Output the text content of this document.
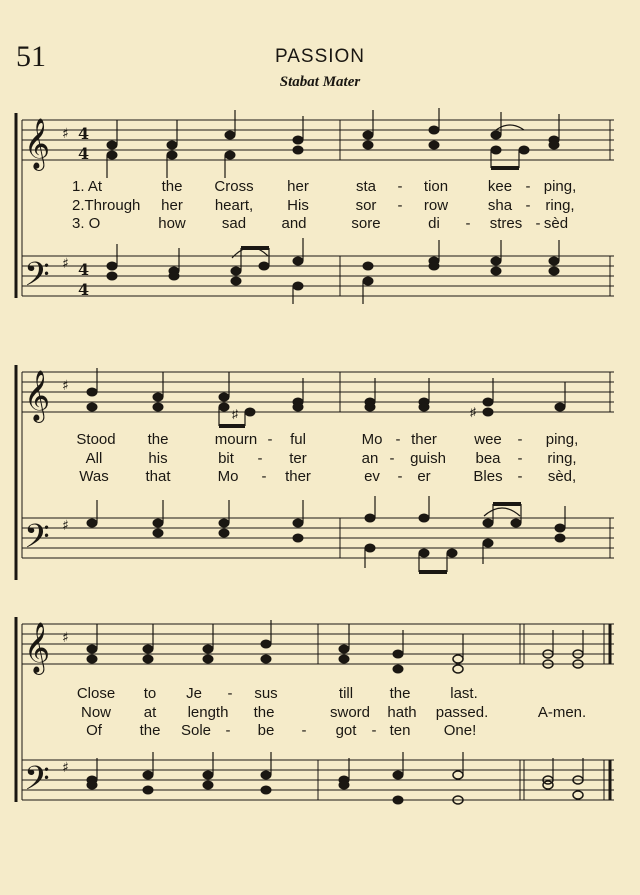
51	PASSION
Stabat Mater
𝄞
𝄢
♯
♯
4
4
4
4
1. At	the Cross her	sta - tion	kee - ping,
2.Through her heart, His	sor - row	sha - ring,
3. O	how sad and	sore	di - stres - sèd
𝄞
𝄢
♯
♯
♯	♯
Stood the	mourn - ful	Mo - ther wee - ping,
All	his	bit - ter	an - guish bea - ring,
Was that	Mo - ther	ev - er	Bles - sèd,
𝄞
𝄢
♯
♯
Close to Je - sus	till the	last.
Now at length the	sword hath passed.	A-men.
Of	the Sole - be - got - ten One!
